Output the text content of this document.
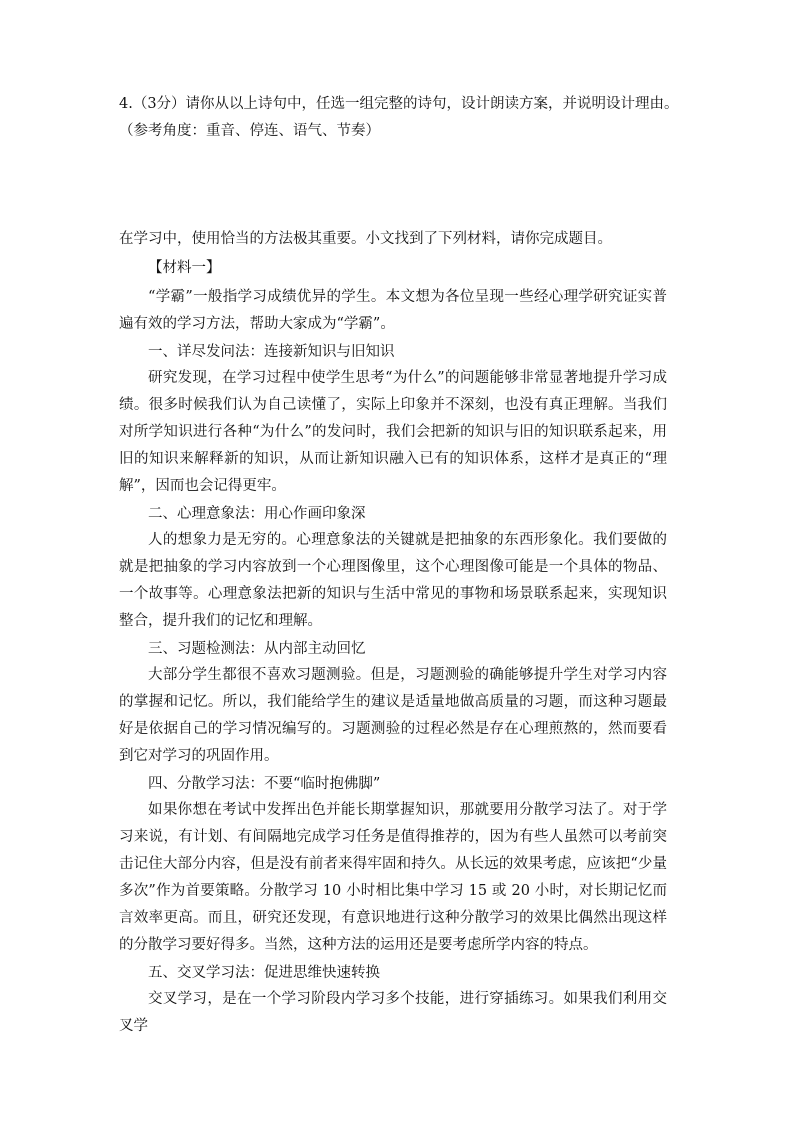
4.（3分）请你从以上诗句中，任选一组完整的诗句，设计朗读方案，并说明设计理由。
（参考角度：重音、停连、语气、节奏）
在学习中，使用恰当的方法极其重要。小文找到了下列材料，请你完成题目。
【材料一】
“学霸”一般指学习成绩优异的学生。本文想为各位呈现一些经心理学研究证实普遍有效的学习方法，帮助大家成为“学霸”。
一、详尽发问法：连接新知识与旧知识
研究发现，在学习过程中使学生思考“为什么”的问题能够非常显著地提升学习成绩。很多时候我们认为自己读懂了，实际上印象并不深刻，也没有真正理解。当我们对所学知识进行各种“为什么”的发问时，我们会把新的知识与旧的知识联系起来，用旧的知识来解释新的知识，从而让新知识融入已有的知识体系，这样才是真正的“理解”，因而也会记得更牢。
二、心理意象法：用心作画印象深
人的想象力是无穷的。心理意象法的关键就是把抽象的东西形象化。我们要做的就是把抽象的学习内容放到一个心理图像里，这个心理图像可能是一个具体的物品、一个故事等。心理意象法把新的知识与生活中常见的事物和场景联系起来，实现知识整合，提升我们的记忆和理解。
三、习题检测法：从内部主动回忆
大部分学生都很不喜欢习题测验。但是，习题测验的确能够提升学生对学习内容的掌握和记忆。所以，我们能给学生的建议是适量地做高质量的习题，而这种习题最好是依据自己的学习情况编写的。习题测验的过程必然是存在心理煎熬的，然而要看到它对学习的巩固作用。
四、分散学习法：不要“临时抱佛脚”
如果你想在考试中发挥出色并能长期掌握知识，那就要用分散学习法了。对于学习来说，有计划、有间隔地完成学习任务是值得推荐的，因为有些人虽然可以考前突击记住大部分内容，但是没有前者来得牢固和持久。从长远的效果考虑，应该把“少量多次”作为首要策略。分散学习 10 小时相比集中学习 15 或 20 小时，对长期记忆而言效率更高。而且，研究还发现，有意识地进行这种分散学习的效果比偶然出现这样的分散学习要好得多。当然，这种方法的运用还是要考虑所学内容的特点。
五、交叉学习法：促进思维快速转换
交叉学习，是在一个学习阶段内学习多个技能，进行穿插练习。如果我们利用交叉学
